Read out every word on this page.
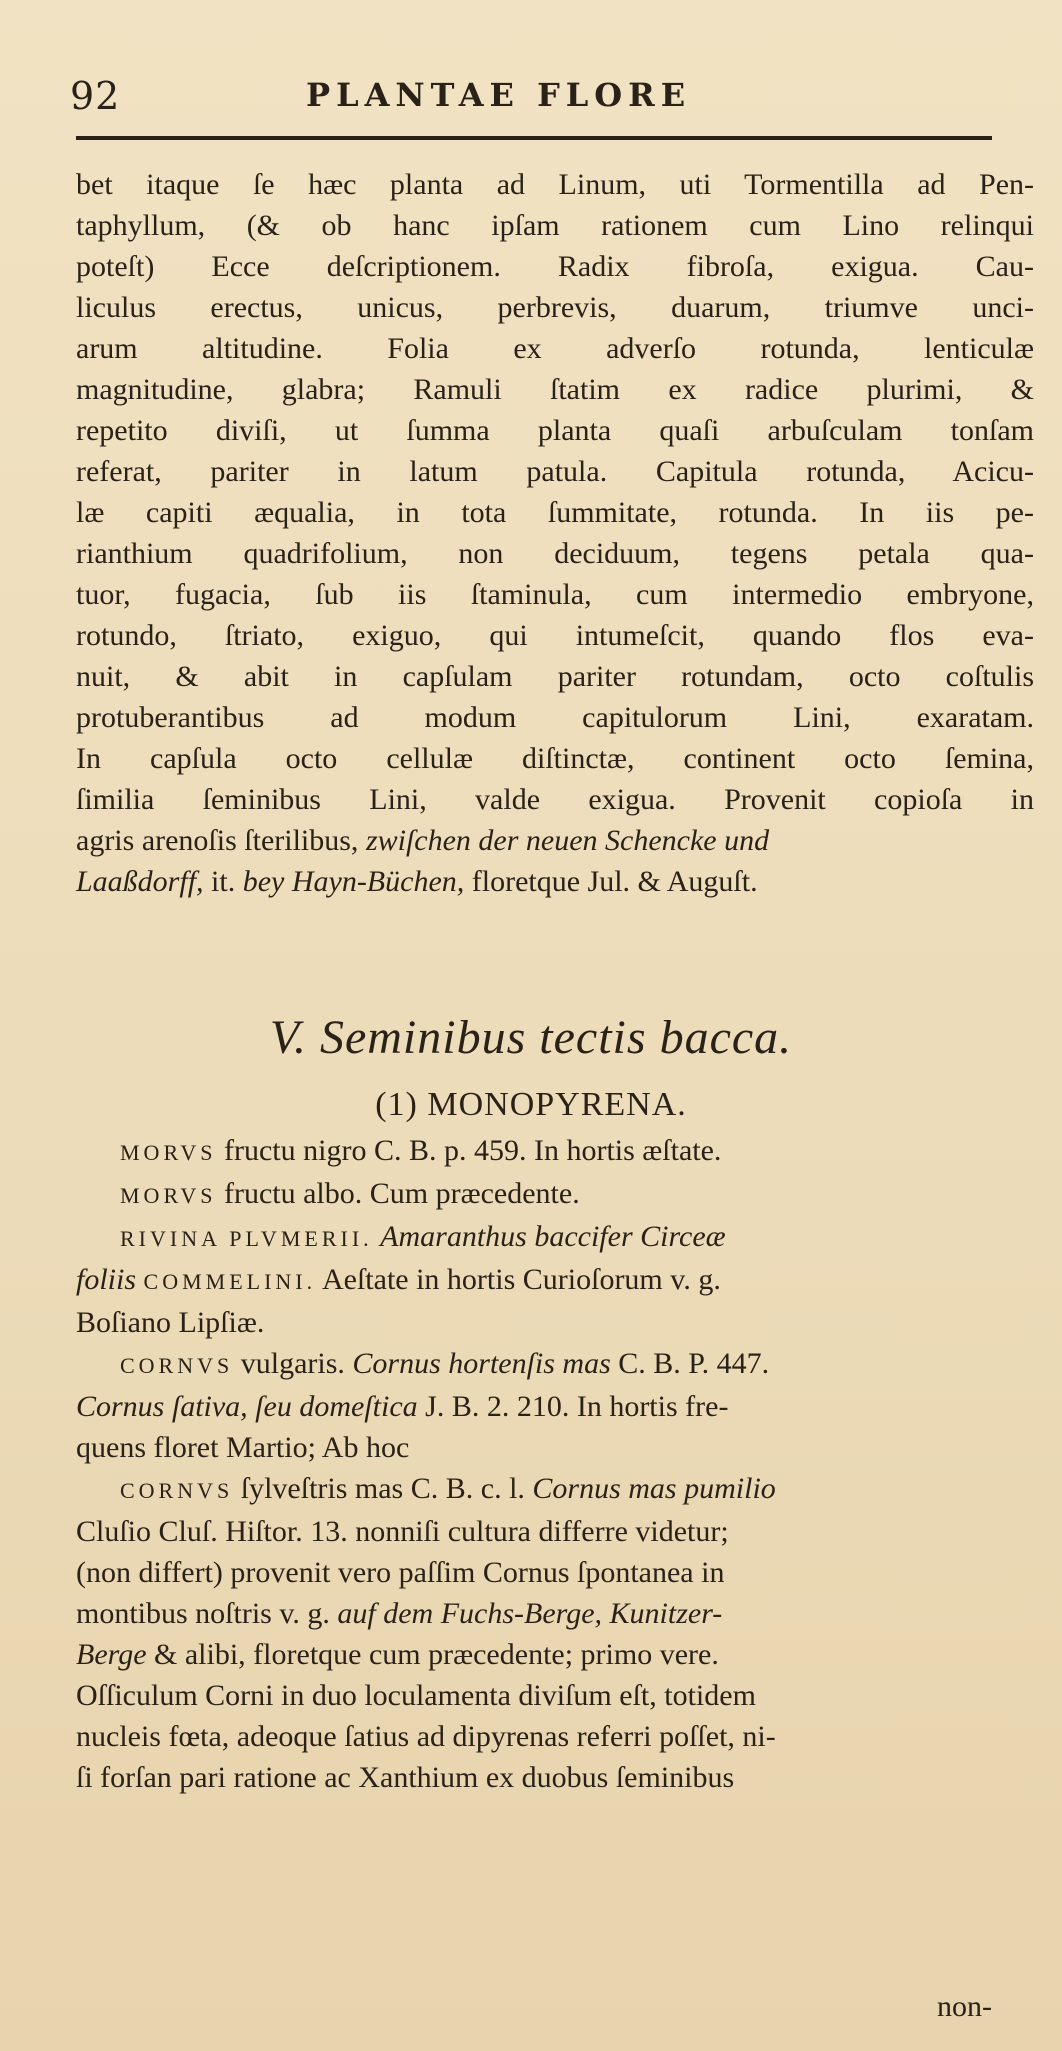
92	PLANTAE FLORE
bet itaque ſe hæc planta ad Linum, uti Tormentilla ad Pen-
taphyllum, (& ob hanc ipſam rationem cum Lino relinqui
poteſt) Ecce deſcriptionem. Radix fibroſa, exigua. Cau-
liculus erectus, unicus, perbrevis, duarum, triumve unci-
arum altitudine. Folia ex adverſo rotunda, lenticulæ
magnitudine, glabra; Ramuli ſtatim ex radice plurimi, &
repetito diviſi, ut ſumma planta quaſi arbuſculam tonſam
referat, pariter in latum patula. Capitula rotunda, Acicu-
læ capiti æqualia, in tota ſummitate, rotunda. In iis pe-
rianthium quadrifolium, non deciduum, tegens petala qua-
tuor, fugacia, ſub iis ſtaminula, cum intermedio embryone,
rotundo, ſtriato, exiguo, qui intumeſcit, quando flos eva-
nuit, & abit in capſulam pariter rotundam, octo coſtulis
protuberantibus ad modum capitulorum Lini, exaratam.
In capſula octo cellulæ diſtinctæ, continent octo ſemina,
ſimilia ſeminibus Lini, valde exigua. Provenit copioſa in
agris arenoſis ſterilibus, zwiſchen der neuen Schencke und
Laaßdorff, it. bey Hayn-Büchen, floretque Jul. & Auguſt.
V. Seminibus tectis bacca.
(1) MONOPYRENA.
MORVS fructu nigro C. B. p. 459. In hortis æſtate.
MORVS fructu albo. Cum præcedente.
RIVINA PLVMERII. Amaranthus baccifer Circeæ
foliis COMMELINI. Aeſtate in hortis Curioſorum v. g.
Boſiano Lipſiæ.
CORNVS vulgaris. Cornus hortenſis mas C. B. P. 447.
Cornus ſativa, ſeu domeſtica J. B. 2. 210. In hortis fre-
quens floret Martio; Ab hoc
CORNVS ſylveſtris mas C. B. c. l. Cornus mas pumilio
Cluſio Cluſ. Hiſtor. 13. nonniſi cultura differre videtur;
(non differt) provenit vero paſſim Cornus ſpontanea in
montibus noſtris v. g. auf dem Fuchs-Berge, Kunitzer-
Berge & alibi, floretque cum præcedente; primo vere.
Oſſiculum Corni in duo loculamenta diviſum eſt, totidem
nucleis fœta, adeoque ſatius ad dipyrenas referri poſſet, ni-
ſi forſan pari ratione ac Xanthium ex duobus ſeminibus
non-
